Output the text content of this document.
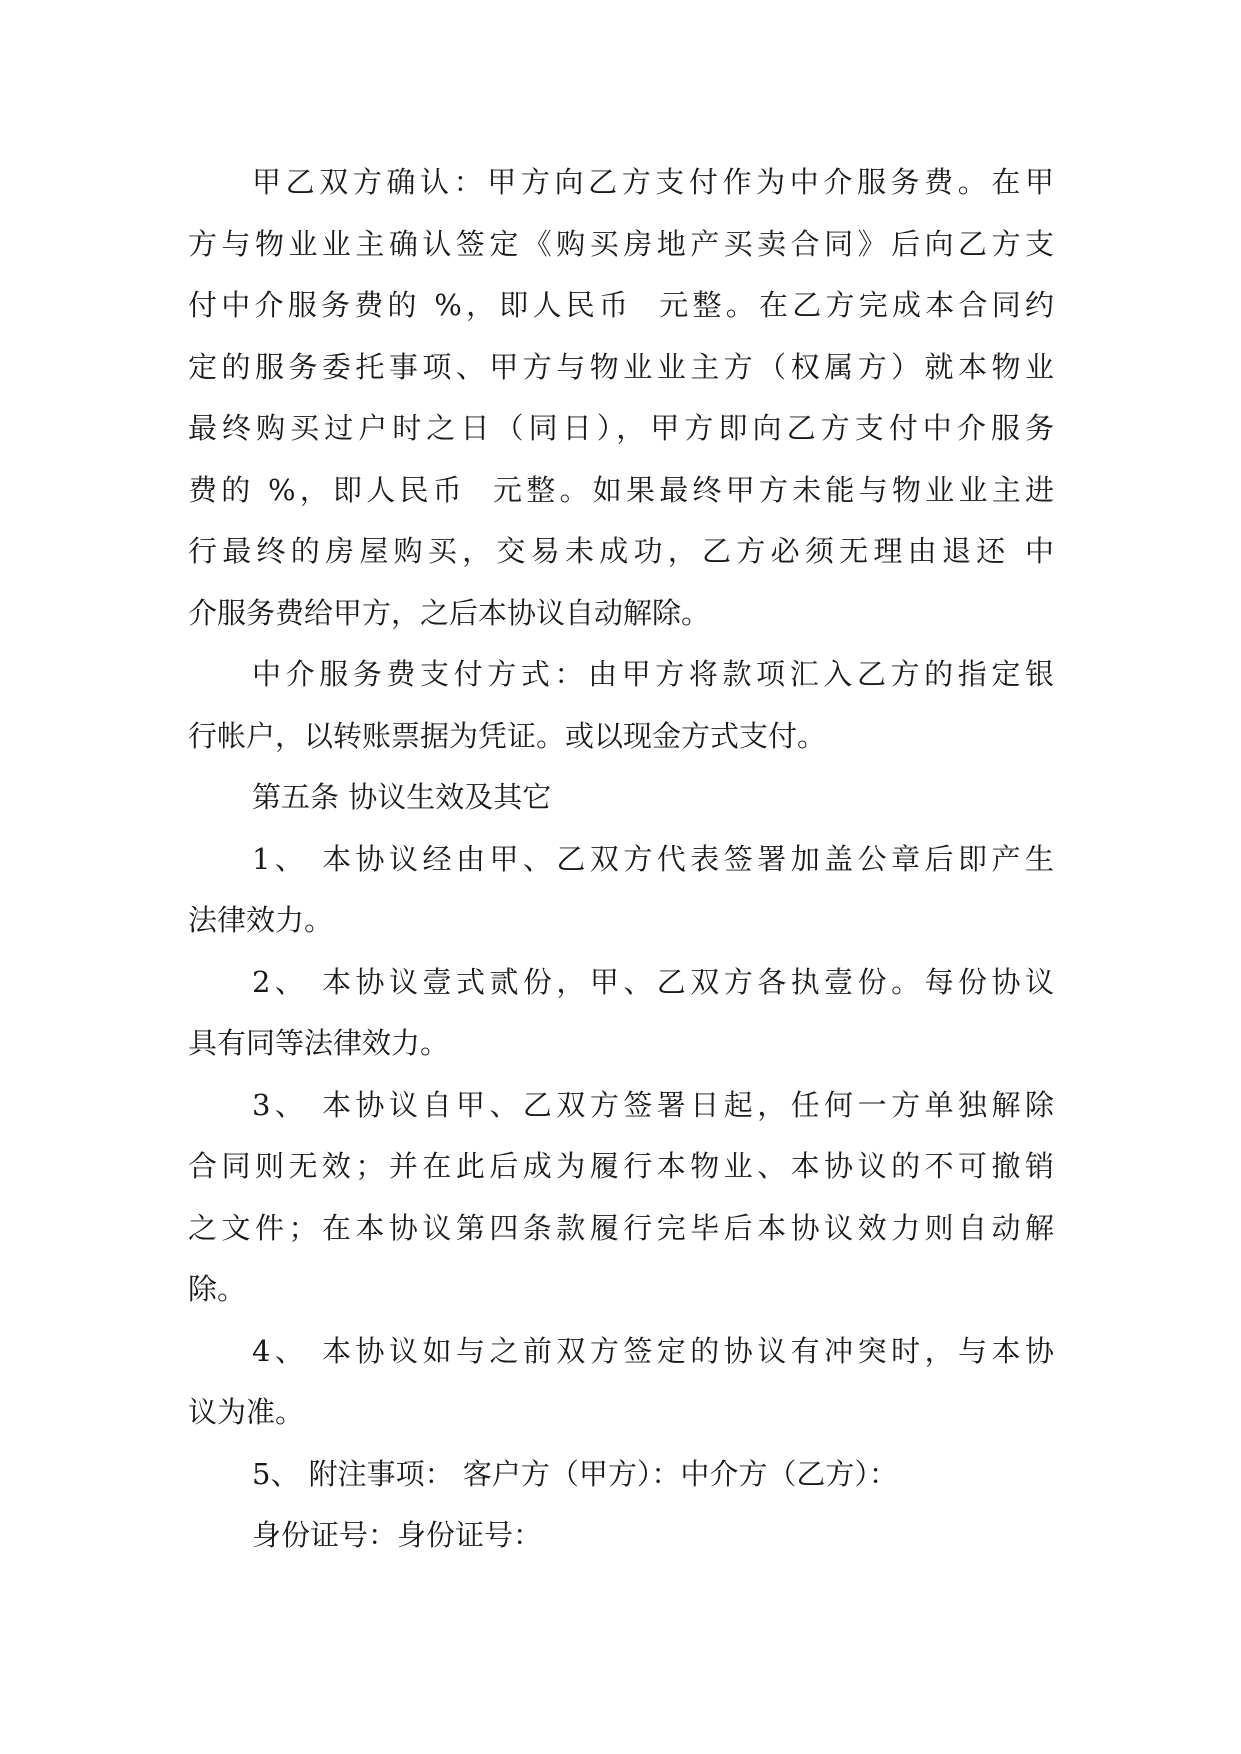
甲乙双方确认：甲方向乙方支付作为中介服务费。在甲
方与物业业主确认签定《购买房地产买卖合同》后向乙方支
付中介服务费的 %，即人民币  元整。在乙方完成本合同约
定的服务委托事项、甲方与物业业主方（权属方）就本物业
最终购买过户时之日（同日），甲方即向乙方支付中介服务
费的 %，即人民币  元整。如果最终甲方未能与物业业主进
行最终的房屋购买，交易未成功，乙方必须无理由退还 中
介服务费给甲方，之后本协议自动解除。
中介服务费支付方式：由甲方将款项汇入乙方的指定银
行帐户，以转账票据为凭证。或以现金方式支付。
第五条 协议生效及其它
1、 本协议经由甲、乙双方代表签署加盖公章后即产生
法律效力。
2、 本协议壹式贰份，甲、乙双方各执壹份。每份协议
具有同等法律效力。
3、 本协议自甲、乙双方签署日起，任何一方单独解除
合同则无效；并在此后成为履行本物业、本协议的不可撤销
之文件；在本协议第四条款履行完毕后本协议效力则自动解
除。
4、 本协议如与之前双方签定的协议有冲突时，与本协
议为准。
5、 附注事项： 客户方（甲方）：中介方（乙方）：
身份证号：身份证号：
